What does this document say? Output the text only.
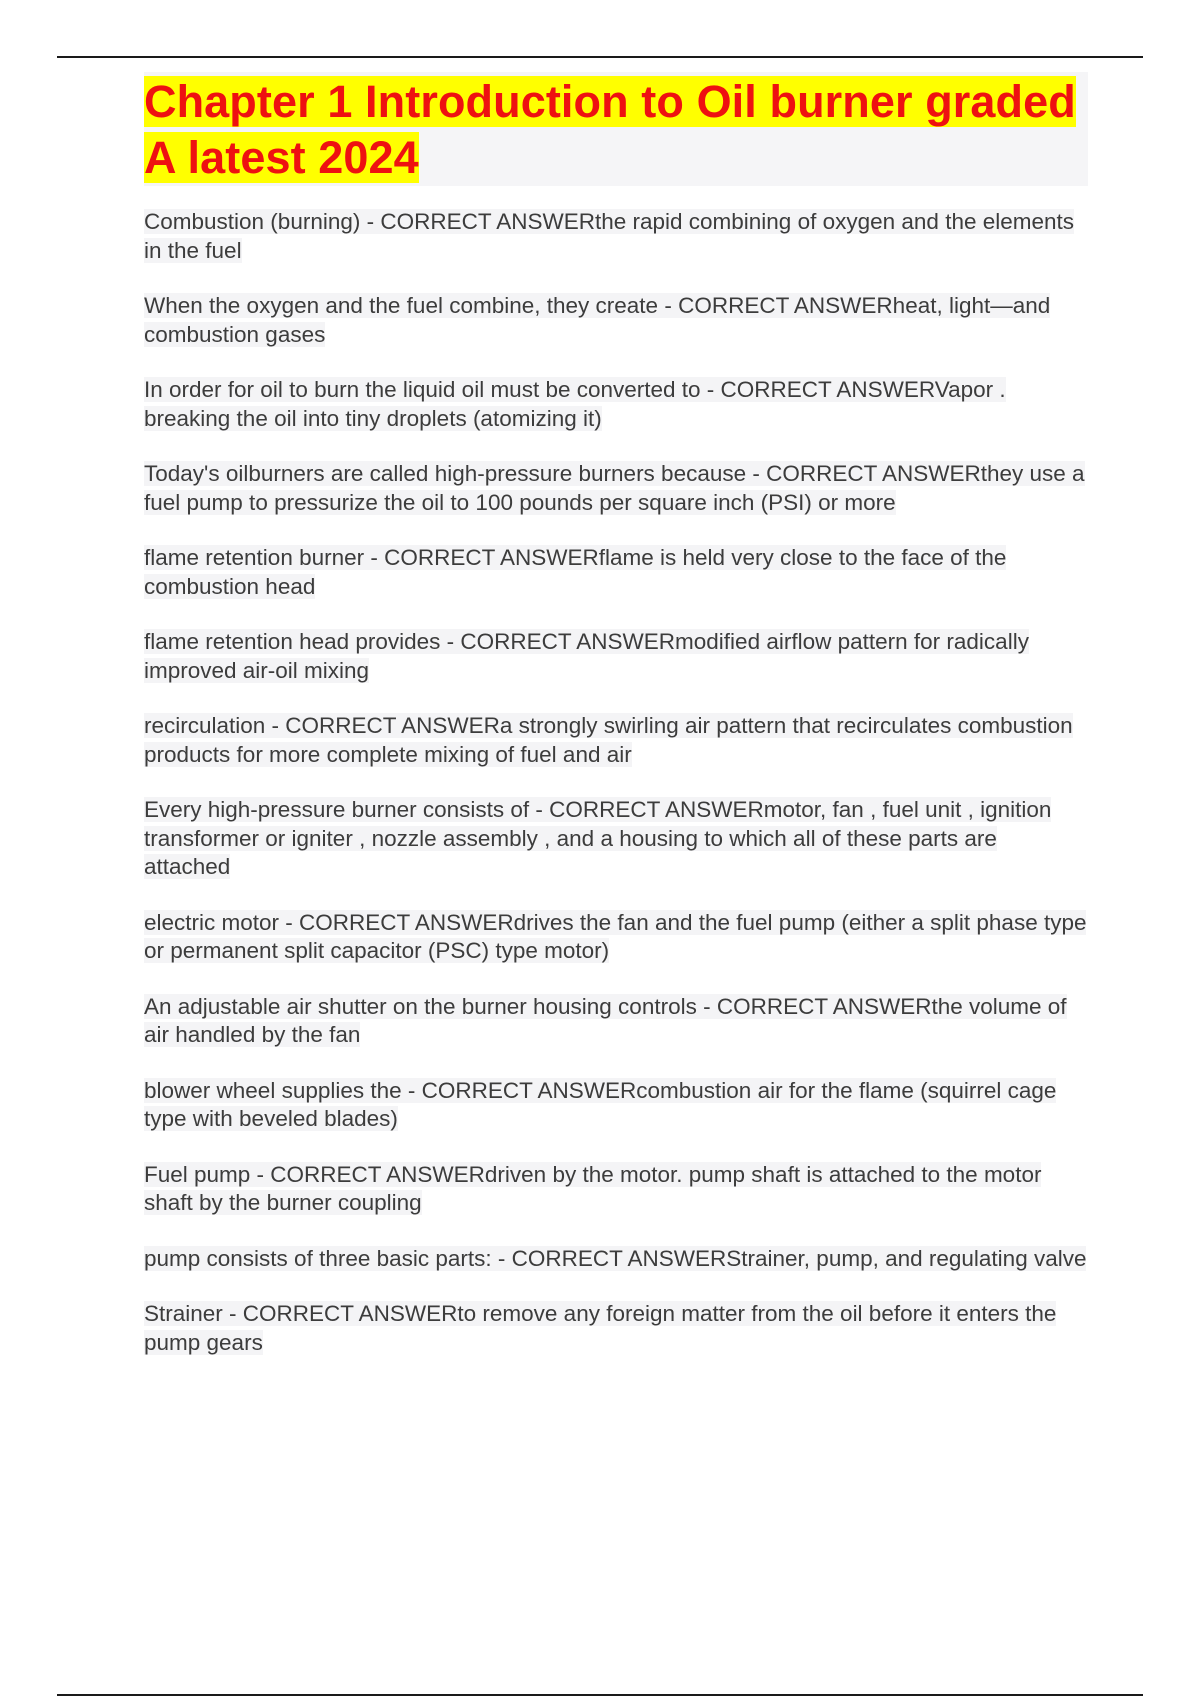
Chapter 1 Introduction to Oil burner graded A latest 2024
Combustion (burning) - CORRECT ANSWERthe rapid combining of oxygen and the elements in the fuel
When the oxygen and the fuel combine, they create - CORRECT ANSWERheat, light—and combustion gases
In order for oil to burn the liquid oil must be converted to - CORRECT ANSWERVapor . breaking the oil into tiny droplets (atomizing it)
Today's oilburners are called high-pressure burners because - CORRECT ANSWERthey use a fuel pump to pressurize the oil to 100 pounds per square inch (PSI) or more
flame retention burner - CORRECT ANSWERflame is held very close to the face of the combustion head
flame retention head provides - CORRECT ANSWERmodified airflow pattern for radically improved air-oil mixing
recirculation - CORRECT ANSWERa strongly swirling air pattern that recirculates combustion products for more complete mixing of fuel and air
Every high-pressure burner consists of - CORRECT ANSWERmotor, fan , fuel unit , ignition transformer or igniter , nozzle assembly , and a housing to which all of these parts are attached
electric motor - CORRECT ANSWERdrives the fan and the fuel pump (either a split phase type or permanent split capacitor (PSC) type motor)
An adjustable air shutter on the burner housing controls - CORRECT ANSWERthe volume of air handled by the fan
blower wheel supplies the - CORRECT ANSWERcombustion air for the flame (squirrel cage type with beveled blades)
Fuel pump - CORRECT ANSWERdriven by the motor. pump shaft is attached to the motor shaft by the burner coupling
pump consists of three basic parts: - CORRECT ANSWERStrainer, pump, and regulating valve
Strainer - CORRECT ANSWERto remove any foreign matter from the oil before it enters the pump gears
